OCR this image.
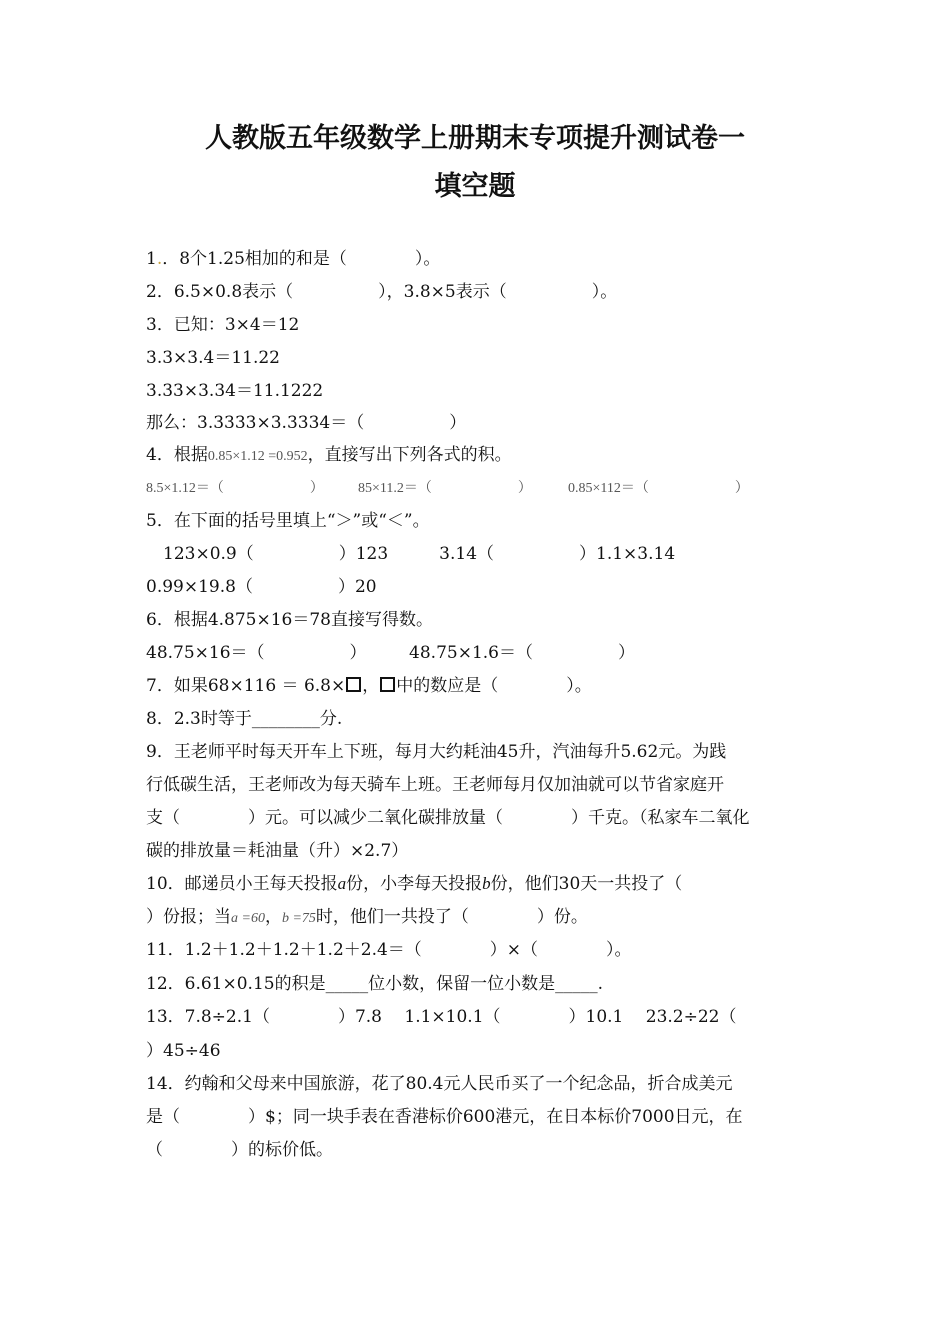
人教版五年级数学上册期末专项提升测试卷一
填空题
1.．8个1.25相加的和是（　　　　）。
2．6.5×0.8表示（　　　　　），3.8×5表示（　　　　　）。
3．已知：3×4＝12
3.3×3.4＝11.22
3.33×3.34＝11.1222
那么：3.3333×3.3334＝（　　　　　）
4．根据0.85×1.12 =0.952，直接写出下列各式的积。
8.5×1.12＝（	） 85×11.2＝（	）	0.85×112＝（	）
5．在下面的括号里填上“＞”或“＜”。
　123×0.9（　　　　　）123　　　3.14（　　　　　）1.1×3.14
0.99×19.8（　　　　　）20
6．根据4.875×16＝78直接写得数。
48.75×16＝（　　　　　）　　　48.75×1.6＝（　　　　　）
7．如果68×116 ＝ 6.8× ， 中的数应是（　　　　）。
8．2.3时等于________分.
9．王老师平时每天开车上下班，每月大约耗油45升，汽油每升5.62元。为践
行低碳生活，王老师改为每天骑车上班。王老师每月仅加油就可以节省家庭开
支（　　　　）元。可以减少二氧化碳排放量（　　　　）千克。（私家车二氧化
碳的排放量＝耗油量（升）×2.7）
10．邮递员小王每天投报a份，小李每天投报b份，他们30天一共投了（
）份报；当a =60，b =75时，他们一共投了（　　　　）份。
11．1.2＋1.2＋1.2＋1.2＋2.4＝（　　　　）×（　　　　）。
12．6.61×0.15的积是_____位小数，保留一位小数是_____.
13．7.8÷2.1（　　　　）7.8　 1.1×10.1（　　　　）10.1　 23.2÷22（
）45÷46
14．约翰和父母来中国旅游，花了80.4元人民币买了一个纪念品，折合成美元
是（　　　　）$；同一块手表在香港标价600港元，在日本标价7000日元，在
（　　　　）的标价低。
